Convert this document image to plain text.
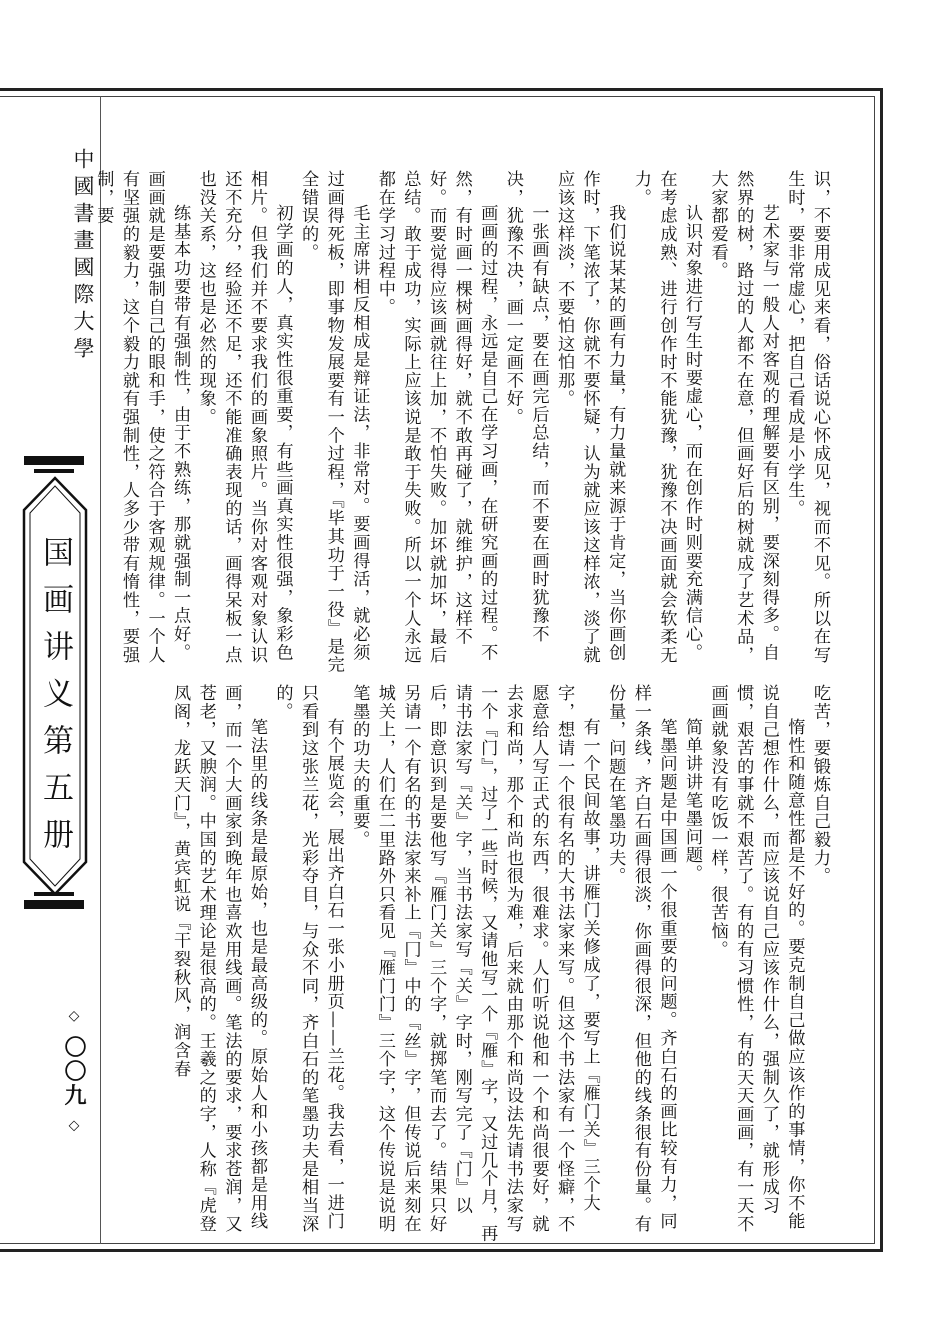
中國書畫國際大學
国画讲义第五册
◇ 〇〇九 ◇

识，不要用成见来看，俗话说心怀成见，视而不见。所以在写生时，要非常虚心，把自己看成是小学生。

艺术家与一般人对客观的理解要有区别，要深刻得多。自然界的树，路过的人都不在意，但画好后的树就成了艺术品，大家都爱看。

认识对象进行写生时要虚心，而在创作时则要充满信心。在考虑成熟、进行创作时不能犹豫，犹豫不决画面就会软柔无力。

我们说某某的画有力量，有力量就来源于肯定，当你画创作时，下笔浓了，你就不要怀疑，认为就应该这样浓，淡了就应该这样淡，不要怕这怕那。

一张画有缺点，要在画完后总结，而不要在画时犹豫不决，犹豫不决，画一定画不好。

画画的过程，永远是自己在学习画，在研究画的过程。不然，有时画一棵树画得好，就不敢再碰了，就维护，这样不好。而要觉得应该画就往上加，不怕失败。加坏就加坏，最后总结。敢于成功，实际上应该说是敢于失败。所以一个人永远都在学习过程中。

毛主席讲相反相成是辩证法，非常对。要画得活，就必须过画得死板，即事物发展要有一个过程，『毕其功于一役』是完全错误的。

初学画的人，真实性很重要，有些画真实性很强，象彩色相片。但我们并不要求我们的画象照片。当你对客观对象认识还不充分，经验还不足，还不能准确表现的话，画得呆板一点也没关系，这也是必然的现象。

练基本功要带有强制性，由于不熟练，那就强制一点好。画画就是要强制自己的眼和手，使之符合于客观规律。一个人有坚强的毅力，这个毅力就有强制性，人多少带有惰性，要强制，要

吃苦，要锻炼自己毅力。

惰性和随意性都是不好的。要克制自己做应该作的事情，你不能说自己想作什么，而应该说自己应该作什么，强制久了，就形成习惯，艰苦的事就不艰苦了。有的有习惯性，有的天天画画，有一天不画画就象没有吃饭一样，很苦恼。

简单讲讲笔墨问题。

笔墨问题是中国画一个很重要的问题。齐白石的画比较有力，同样一条线，齐白石画得很淡，你画得很深，但他的线条很有份量。有份量，问题在笔墨功夫。

有一个民间故事，讲雁门关修成了，要写上『雁门关』三个大字，想请一个很有名的大书法家来写。但这个书法家有一个怪癖，不愿意给人写正式的东西，很难求。人们听说他和一个和尚很要好，就去求和尚，那个和尚也很为难，后来就由那个和尚设法先请书法家写一个『门』，过了一些时候，又请他写一个『雁』字，又过几个月，再请书法家写『关』字，当书法家写『关』字时，刚写完了『门』以后，即意识到是要他写『雁门关』三个字，就掷笔而去了。结果只好另请一个有名的书法家来补上『冂』中的『丝』字，但传说后来刻在城关上，人们在二里路外只看见『雁门门』三个字，这个传说是说明笔墨的功夫的重要。

有个展览会，展出齐白石一张小册页——兰花。我去看，一进门只看到这张兰花，光彩夺目，与众不同，齐白石的笔墨功夫是相当深的。

笔法里的线条是最原始，也是最高级的。原始人和小孩都是用线画，而一个大画家到晚年也喜欢用线画。笔法的要求，要求苍润，又苍老，又腴润。中国的艺术理论是很高的。王羲之的字，人称『虎登凤阁，龙跃天门』，黄宾虹说『干裂秋风，润含春
